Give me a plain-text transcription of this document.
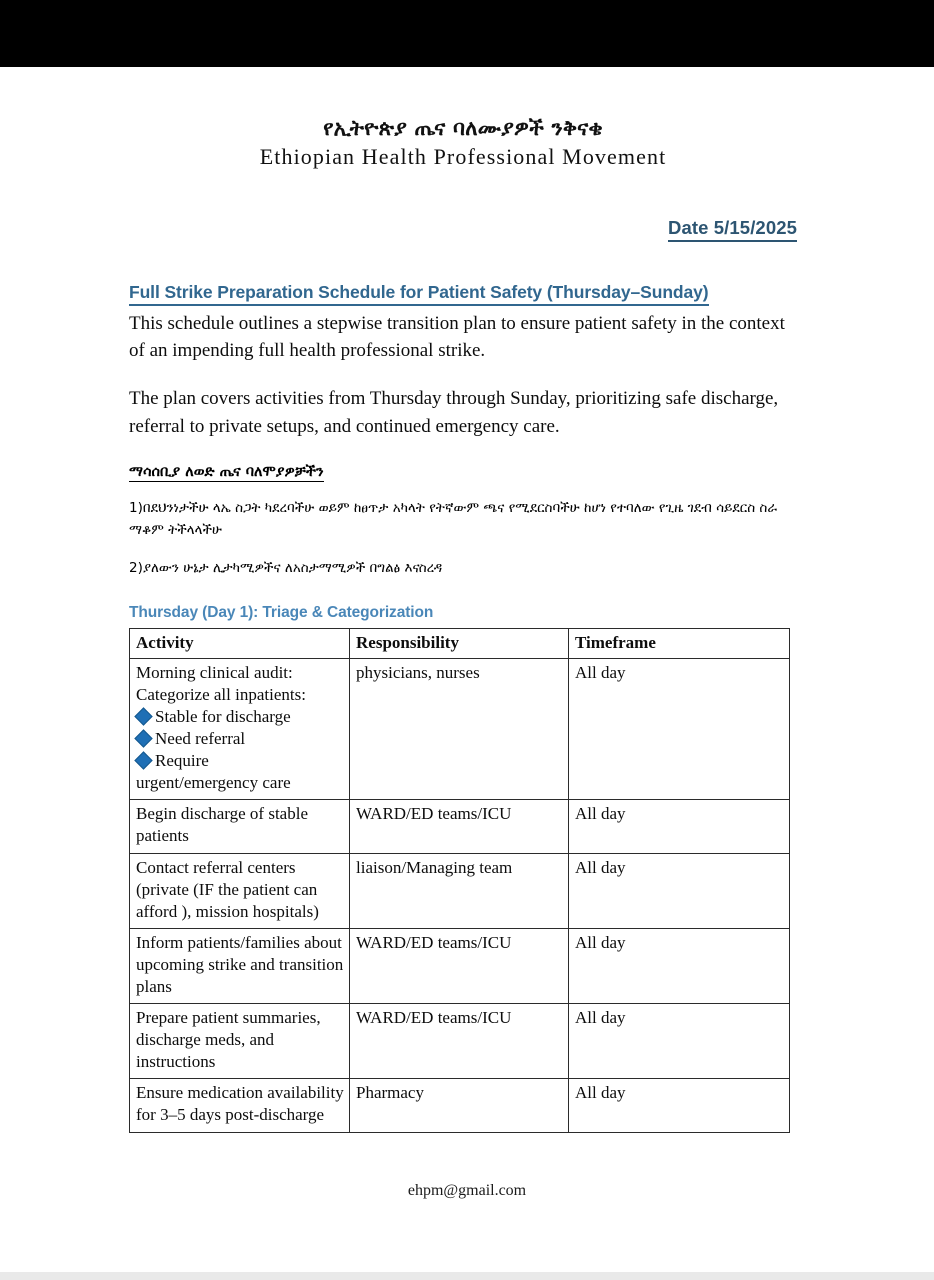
የኢትዮጵያ ጤና ባለሙያዎች ንቅናቄ
Ethiopian Health Professional Movement
Date 5/15/2025
Full Strike Preparation Schedule for Patient Safety (Thursday–Sunday)
This schedule outlines a stepwise transition plan to ensure patient safety in the context of an impending full health professional strike.
The plan covers activities from Thursday through Sunday, prioritizing safe discharge, referral to private setups, and continued emergency care.
ማሳሰቢያ ለወድ ጤና ባለሞያዎቻችን
1)በደህንነታችሁ ላኤ ስጋት ካደረባችሁ ወይም ከፀጥታ አካላት የትኛውም ጫና የሚደርስባችሁ ከሆነ የተባለው የጊዜ ገደብ ሳይደርስ ስራ ማቆም ትችላላችሁ
2)ያለውን ሁኔታ ሊታካሚዎችና ለአስታማሚዎች በግልፅ እናስረዳ
Thursday (Day 1): Triage & Categorization
Activity	Responsibility	Timeframe

Morning clinical audit:
Categorize all inpatients:
Stable for discharge
Need referral
Require
urgent/emergency care
	physicians, nurses	All day
Begin discharge of stable patients	WARD/ED teams/ICU	All day
Contact referral centers (private (IF the patient can afford ), mission hospitals)	liaison/Managing team	All day
Inform patients/families about upcoming strike and transition plans	WARD/ED teams/ICU	All day
Prepare patient summaries, discharge meds, and instructions	WARD/ED teams/ICU	All day
Ensure medication availability for 3–5 days post-discharge	Pharmacy	All day
ehpm@gmail.com
